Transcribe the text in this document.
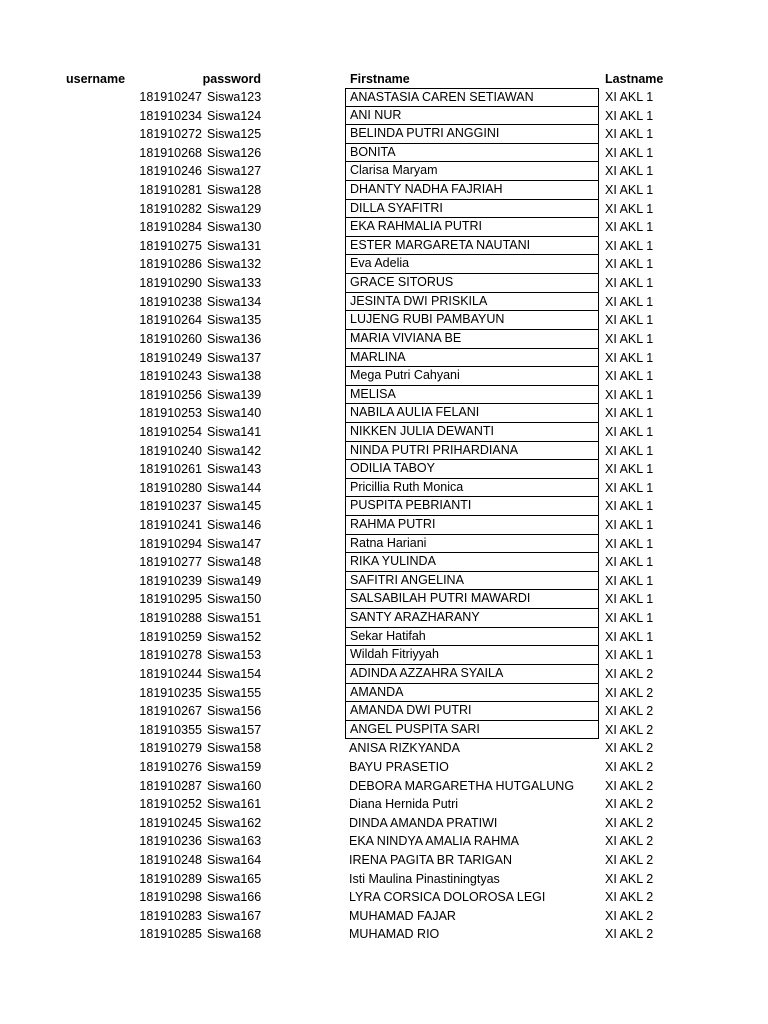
username	password	Firstname	Lastname
181910247 Siswa123	ANASTASIA CAREN SETIAWAN	XI AKL 1
181910234 Siswa124	ANI NUR	XI AKL 1
181910272 Siswa125	BELINDA PUTRI ANGGINI	XI AKL 1
181910268 Siswa126	BONITA	XI AKL 1
181910246 Siswa127	Clarisa Maryam	XI AKL 1
181910281 Siswa128	DHANTY NADHA FAJRIAH	XI AKL 1
181910282 Siswa129	DILLA SYAFITRI	XI AKL 1
181910284 Siswa130	EKA RAHMALIA PUTRI	XI AKL 1
181910275 Siswa131	ESTER MARGARETA NAUTANI	XI AKL 1
181910286 Siswa132	Eva Adelia	XI AKL 1
181910290 Siswa133	GRACE SITORUS	XI AKL 1
181910238 Siswa134	JESINTA DWI PRISKILA	XI AKL 1
181910264 Siswa135	LUJENG RUBI PAMBAYUN	XI AKL 1
181910260 Siswa136	MARIA VIVIANA BE	XI AKL 1
181910249 Siswa137	MARLINA	XI AKL 1
181910243 Siswa138	Mega Putri Cahyani	XI AKL 1
181910256 Siswa139	MELISA	XI AKL 1
181910253 Siswa140	NABILA AULIA FELANI	XI AKL 1
181910254 Siswa141	NIKKEN JULIA DEWANTI	XI AKL 1
181910240 Siswa142	NINDA PUTRI PRIHARDIANA	XI AKL 1
181910261 Siswa143	ODILIA TABOY	XI AKL 1
181910280 Siswa144	Pricillia Ruth Monica	XI AKL 1
181910237 Siswa145	PUSPITA PEBRIANTI	XI AKL 1
181910241 Siswa146	RAHMA PUTRI	XI AKL 1
181910294 Siswa147	Ratna Hariani	XI AKL 1
181910277 Siswa148	RIKA YULINDA	XI AKL 1
181910239 Siswa149	SAFITRI ANGELINA	XI AKL 1
181910295 Siswa150	SALSABILAH PUTRI MAWARDI	XI AKL 1
181910288 Siswa151	SANTY ARAZHARANY	XI AKL 1
181910259 Siswa152	Sekar Hatifah	XI AKL 1
181910278 Siswa153	Wildah Fitriyyah	XI AKL 1
181910244 Siswa154	ADINDA AZZAHRA SYAILA	XI AKL 2
181910235 Siswa155	AMANDA	XI AKL 2
181910267 Siswa156	AMANDA DWI PUTRI	XI AKL 2
181910355 Siswa157	ANGEL PUSPITA SARI	XI AKL 2
181910279 Siswa158	ANISA RIZKYANDA	XI AKL 2
181910276 Siswa159	BAYU PRASETIO	XI AKL 2
181910287 Siswa160	DEBORA MARGARETHA HUTGALUNG	XI AKL 2
181910252 Siswa161	Diana Hernida Putri	XI AKL 2
181910245 Siswa162	DINDA AMANDA PRATIWI	XI AKL 2
181910236 Siswa163	EKA NINDYA AMALIA RAHMA	XI AKL 2
181910248 Siswa164	IRENA PAGITA BR TARIGAN	XI AKL 2
181910289 Siswa165	Isti Maulina Pinastiningtyas	XI AKL 2
181910298 Siswa166	LYRA CORSICA DOLOROSA LEGI	XI AKL 2
181910283 Siswa167	MUHAMAD FAJAR	XI AKL 2
181910285 Siswa168	MUHAMAD RIO	XI AKL 2
